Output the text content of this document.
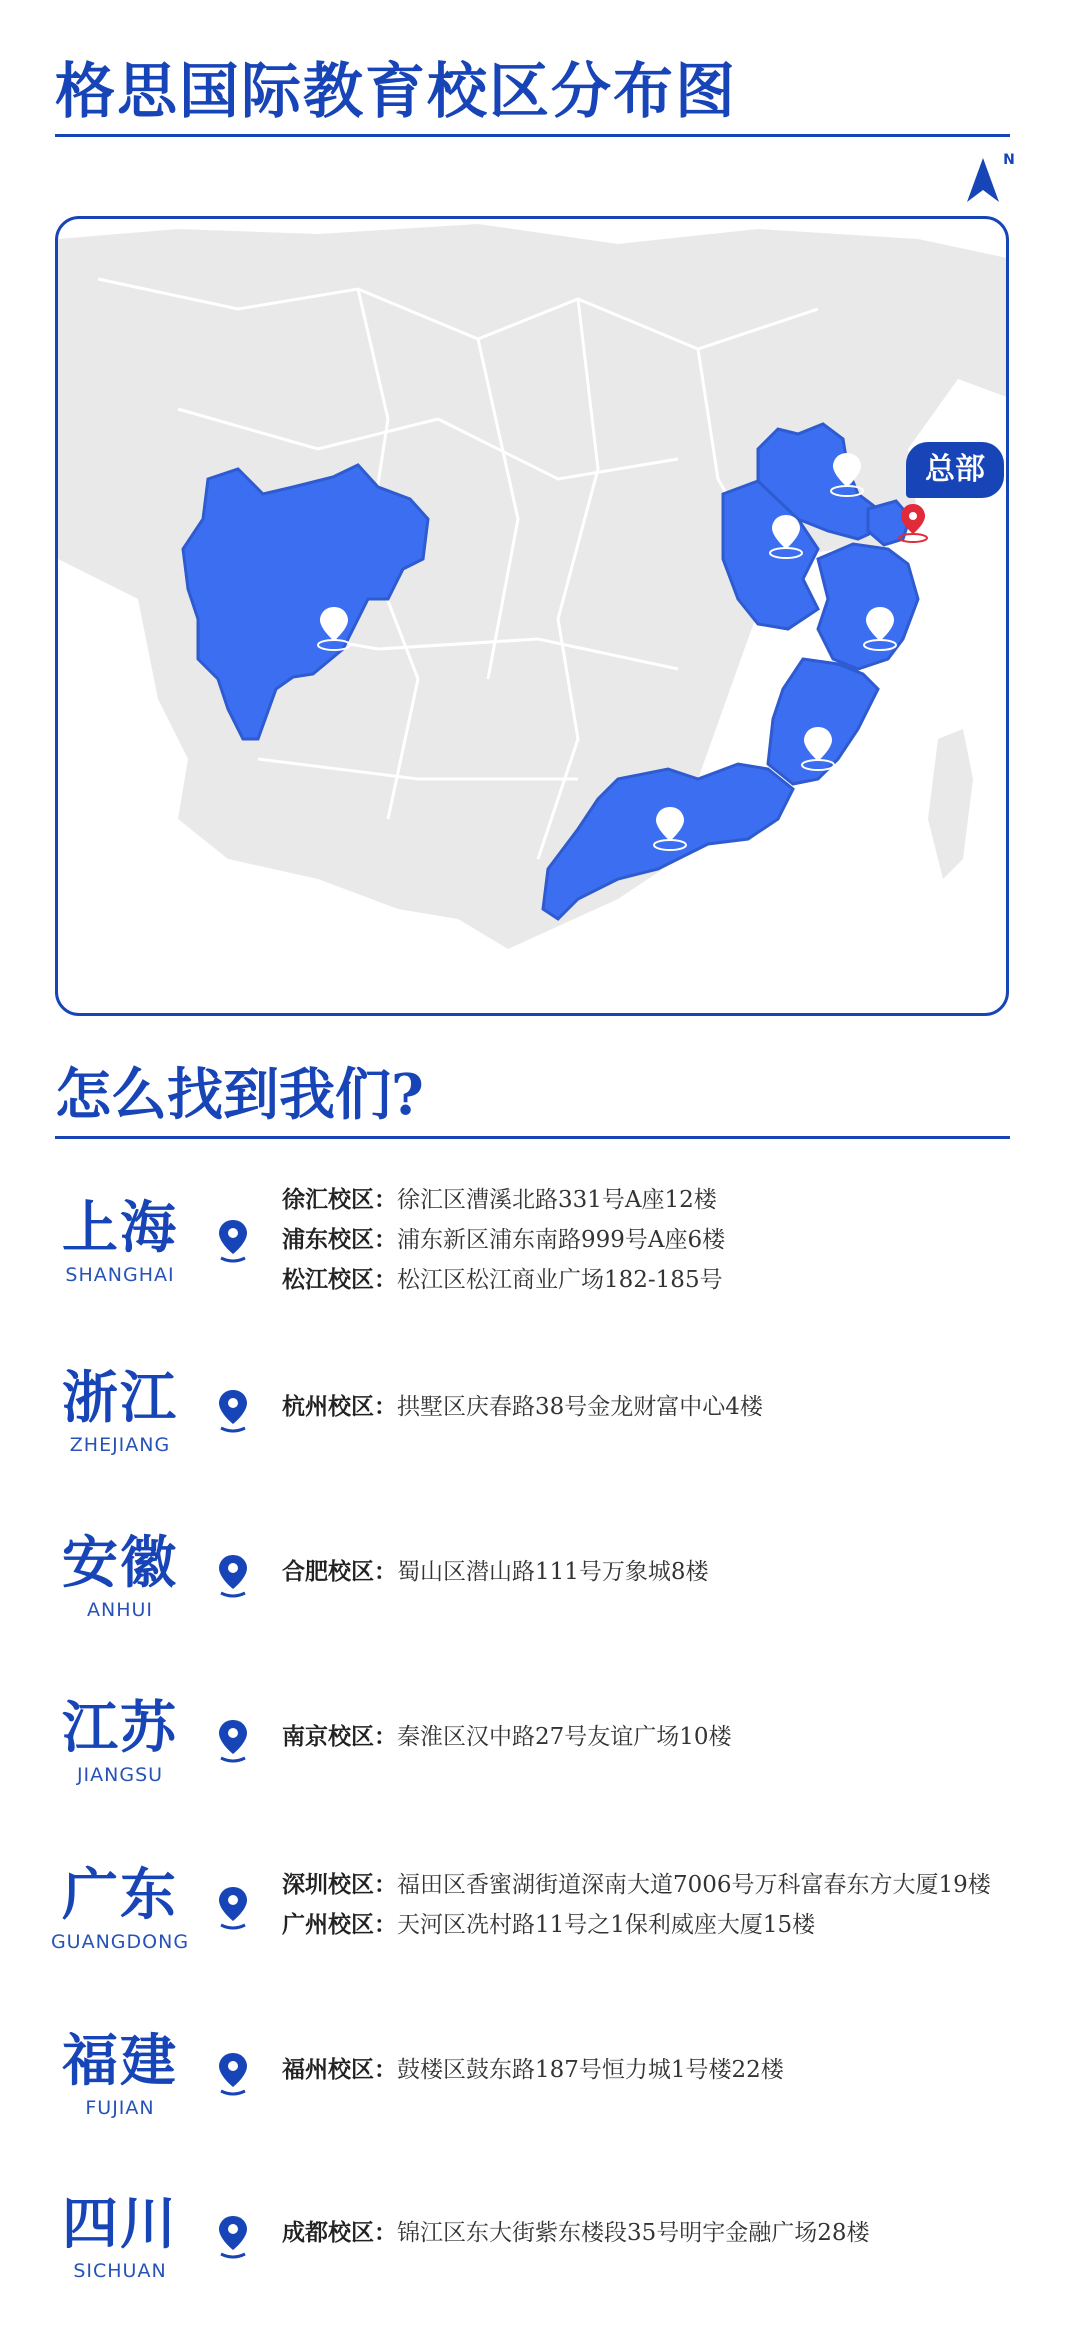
格思国际教育校区分布图
N
总部
怎么找到我们?
上海
SHANGHAI
徐汇校区：徐汇区漕溪北路331号A座12楼
浦东校区：浦东新区浦东南路999号A座6楼
松江校区：松江区松江商业广场182-185号
浙江
ZHEJIANG
杭州校区：拱墅区庆春路38号金龙财富中心4楼
安徽
ANHUI
合肥校区：蜀山区潜山路111号万象城8楼
江苏
JIANGSU
南京校区：秦淮区汉中路27号友谊广场10楼
广东
GUANGDONG
深圳校区：福田区香蜜湖街道深南大道7006号万科富春东方大厦19楼
广州校区：天河区冼村路11号之1保利威座大厦15楼
福建
FUJIAN
福州校区：鼓楼区鼓东路187号恒力城1号楼22楼
四川
SICHUAN
成都校区：锦江区东大街紫东楼段35号明宇金融广场28楼
